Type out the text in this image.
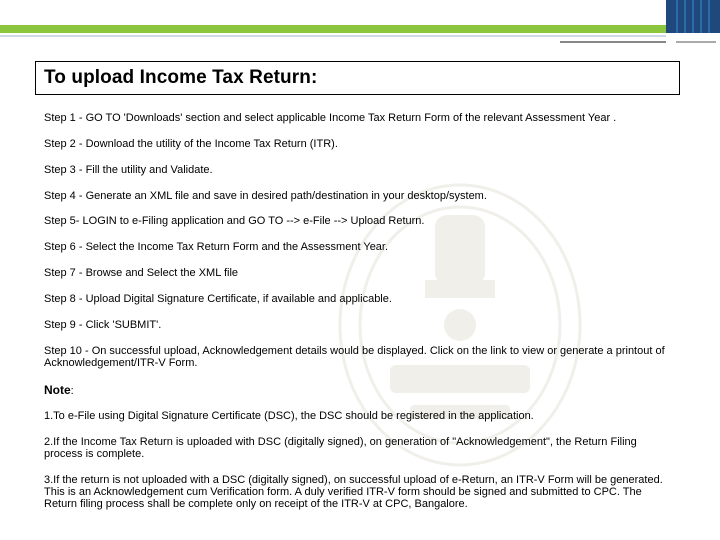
To upload Income Tax Return:
Step 1 - GO TO 'Downloads' section and select applicable Income Tax Return Form of the relevant Assessment Year .
Step 2 - Download the utility of the Income Tax Return (ITR).
Step 3 - Fill the utility and Validate.
Step 4 - Generate an XML file and save in desired path/destination in your desktop/system.
Step 5- LOGIN to e-Filing application and GO TO --> e-File --> Upload Return.
Step 6 - Select the Income Tax Return Form and the Assessment Year.
Step 7 - Browse and Select the XML file
Step 8 - Upload Digital Signature Certificate, if available and applicable.
Step 9 - Click 'SUBMIT'.
Step 10 - On successful upload, Acknowledgement details would be displayed. Click on the link to view or generate a printout of Acknowledgement/ITR-V Form.
Note:
1.To e-File using Digital Signature Certificate (DSC), the DSC should be registered in the application.
2.If the Income Tax Return is uploaded with DSC (digitally signed), on generation of "Acknowledgement", the Return Filing process is complete.
3.If the return is not uploaded with a DSC (digitally signed), on successful upload of e-Return, an ITR-V Form will be generated. This is an Acknowledgement cum Verification form. A duly verified ITR-V form should be signed and submitted to CPC. The Return filing process shall be complete only on receipt of the ITR-V at CPC, Bangalore.
